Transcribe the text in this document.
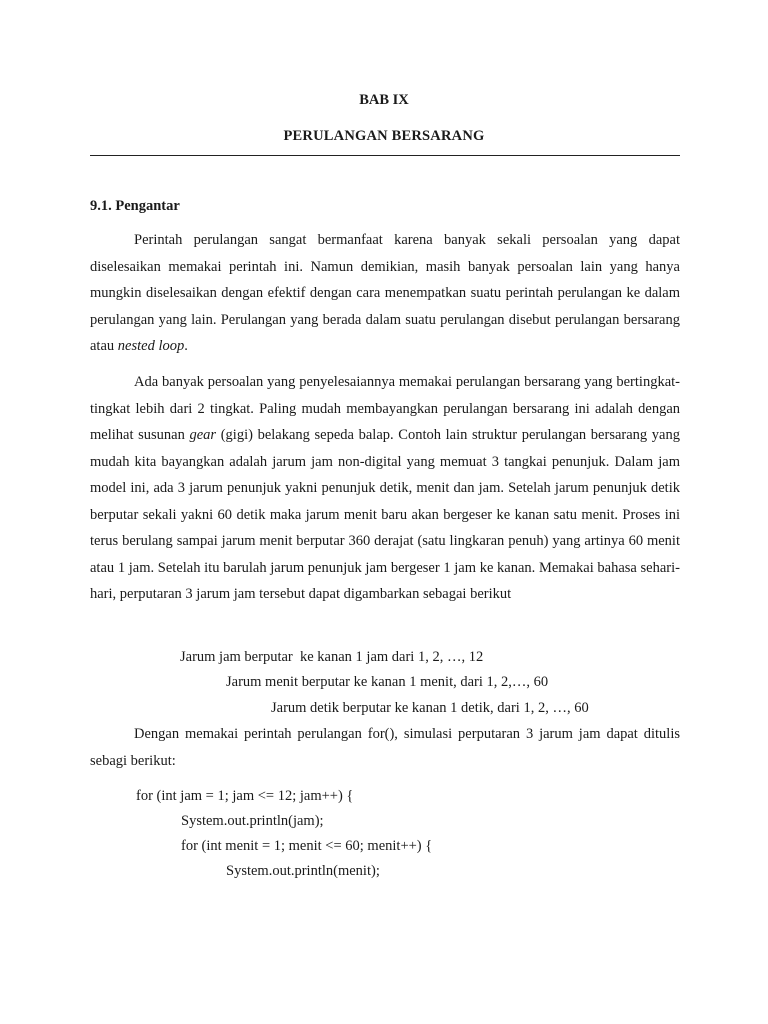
BAB IX
PERULANGAN BERSARANG
9.1. Pengantar

Perintah perulangan sangat bermanfaat karena banyak sekali persoalan yang dapat diselesaikan memakai perintah ini. Namun demikian, masih banyak persoalan lain yang hanya mungkin diselesaikan dengan efektif dengan cara menempatkan suatu perintah perulangan ke dalam perulangan yang lain. Perulangan yang berada dalam suatu perulangan disebut perulangan bersarang atau nested loop.

Ada banyak persoalan yang penyelesaiannya memakai perulangan bersarang yang bertingkat-tingkat lebih dari 2 tingkat. Paling mudah membayangkan perulangan bersarang ini adalah dengan melihat susunan gear (gigi) belakang sepeda balap. Contoh lain struktur perulangan bersarang yang mudah kita bayangkan adalah jarum jam non-digital yang memuat 3 tangkai penunjuk. Dalam jam model ini, ada 3 jarum penunjuk yakni penunjuk detik, menit dan jam. Setelah jarum penunjuk detik berputar sekali yakni 60 detik maka jarum menit baru akan bergeser ke kanan satu menit. Proses ini terus berulang sampai jarum menit berputar 360 derajat (satu lingkaran penuh) yang artinya 60 menit atau 1 jam. Setelah itu barulah jarum penunjuk jam bergeser 1 jam ke kanan. Memakai bahasa sehari-hari, perputaran 3 jarum jam tersebut dapat digambarkan sebagai berikut

Jarum jam berputar  ke kanan 1 jam dari 1, 2, …, 12
Jarum menit berputar ke kanan 1 menit, dari 1, 2,…, 60
Jarum detik berputar ke kanan 1 detik, dari 1, 2, …, 60

Dengan memakai perintah perulangan for(), simulasi perputaran 3 jarum jam dapat ditulis sebagi berikut:

for (int jam = 1; jam <= 12; jam++) {
System.out.println(jam);
for (int menit = 1; menit <= 60; menit++) {
System.out.println(menit);
